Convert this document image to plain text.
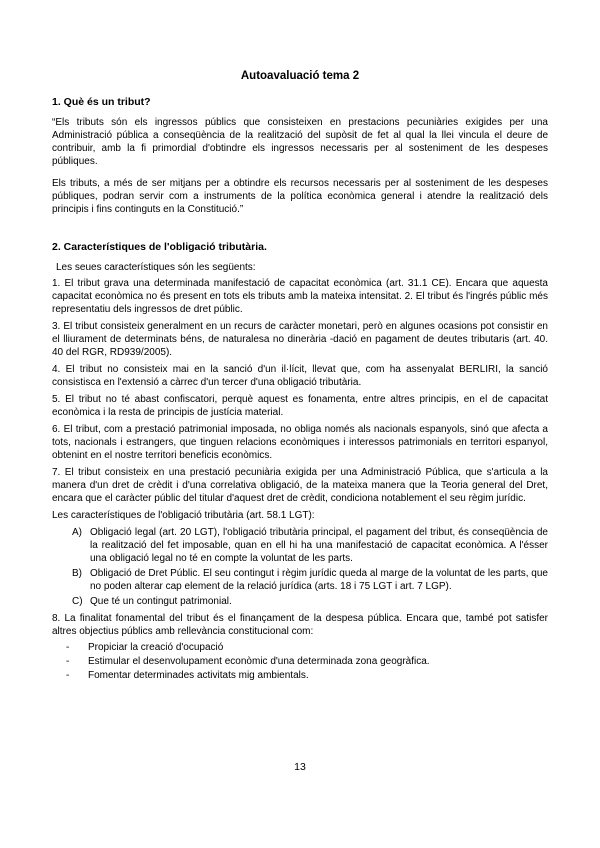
Autoavaluació tema 2
1. Què és un tribut?

“Els tributs són els ingressos públics que consisteixen en prestacions pecuniàries exigides per una Administració pública a conseqüència de la realització del supòsit de fet al qual la llei vincula el deure de contribuir, amb la fi primordial d'obtindre els ingressos necessaris per al sosteniment de les despeses públiques.

Els tributs, a més de ser mitjans per a obtindre els recursos necessaris per al sosteniment de les despeses públiques, podran servir com a instruments de la política econòmica general i atendre la realització dels principis i fins continguts en la Constitució.”

2. Característiques de l'obligació tributària.

Les seues característiques són les següents:

1. El tribut grava una determinada manifestació de capacitat econòmica (art. 31.1 CE). Encara que aquesta capacitat econòmica no és present en tots els tributs amb la mateixa intensitat. 2. El tribut és l'ingrés públic més representatiu dels ingressos de dret públic.

3. El tribut consisteix generalment en un recurs de caràcter monetari, però en algunes ocasions pot consistir en el lliurament de determinats béns, de naturalesa no dinerària -dació en pagament de deutes tributaris (art. 40. 40 del RGR, RD939/2005).

4. El tribut no consisteix mai en la sanció d'un il·lícit, llevat que, com ha assenyalat BERLIRI, la sanció consistisca en l'extensió a càrrec d'un tercer d'una obligació tributària.

5. El tribut no té abast confiscatori, perquè aquest es fonamenta, entre altres principis, en el de capacitat econòmica i la resta de principis de justícia material.

6. El tribut, com a prestació patrimonial imposada, no obliga només als nacionals espanyols, sinó que afecta a tots, nacionals i estrangers, que tinguen relacions econòmiques i interessos patrimonials en territori espanyol, obtenint en el nostre territori beneficis econòmics.

7. El tribut consisteix en una prestació pecuniària exigida per una Administració Pública, que s'articula a la manera d'un dret de crèdit i d'una correlativa obligació, de la mateixa manera que la Teoria general del Dret, encara que el caràcter públic del titular d'aquest dret de crèdit, condiciona notablement el seu règim jurídic.

Les característiques de l'obligació tributària (art. 58.1 LGT):

A) Obligació legal (art. 20 LGT), l'obligació tributària principal, el pagament del tribut, és conseqüència de la realització del fet imposable, quan en ell hi ha una manifestació de capacitat econòmica. A l'ésser una obligació legal no té en compte la voluntat de les parts.
B) Obligació de Dret Públic. El seu contingut i règim jurídic queda al marge de la voluntat de les parts, que no poden alterar cap element de la relació jurídica (arts. 18 i 75 LGT i art. 7 LGP).
C) Que té un contingut patrimonial.

8. La finalitat fonamental del tribut és el finançament de la despesa pública. Encara que, també pot satisfer altres objectius públics amb rellevància constitucional com:

-	Propiciar la creació d'ocupació
-	Estimular el desenvolupament econòmic d'una determinada zona geogràfica.
-	Fomentar determinades activitats mig ambientals.
13
